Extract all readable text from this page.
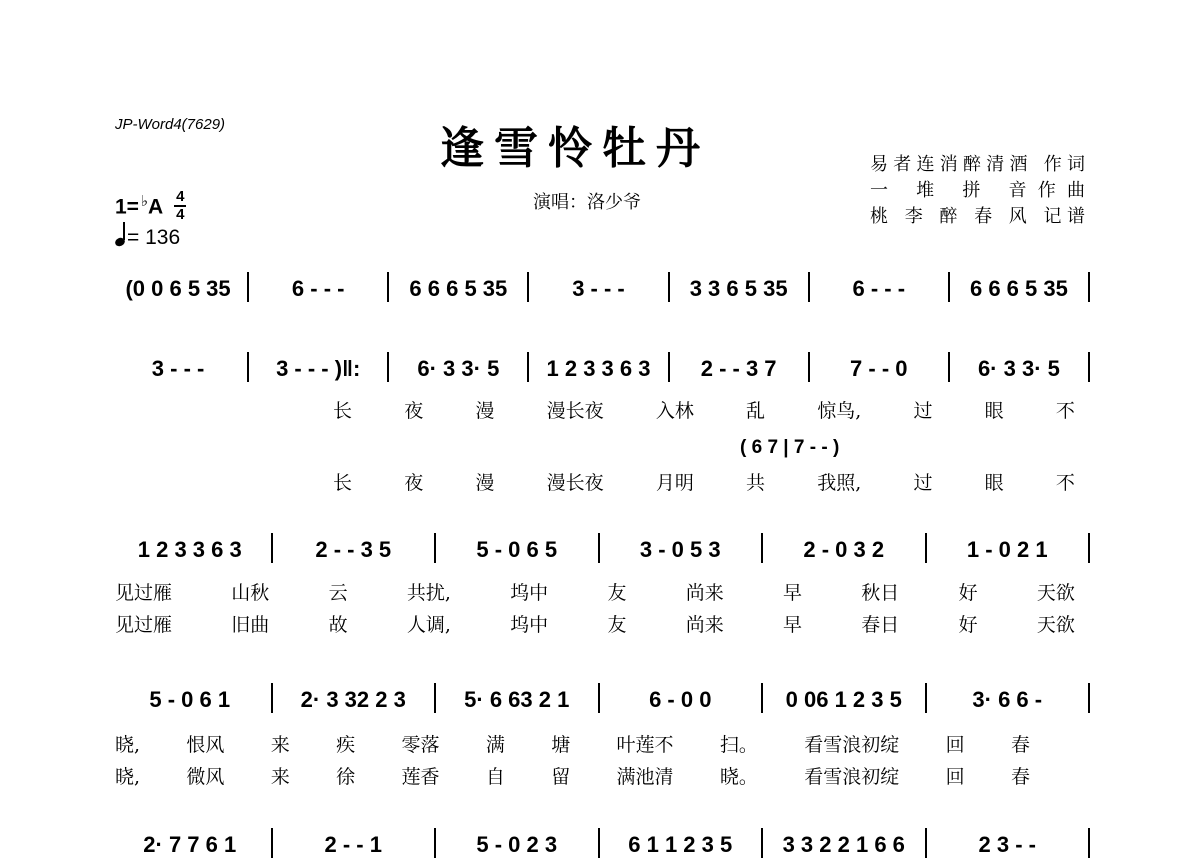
JP-Word4(7629)	逢雪怜牡丹
演唱：洛少爷
易者连消醉清酒 作词
一 堆 拼 音作曲
桃 李 醉 春 风 记谱
$1= ^♭A \frac{4}{4}$
= 136
(0 0 6 5 35	6 - - -	6 6 6 5 35	3 - - -	3 3 6 5 35	6 - - -	6 6 6 5 35
3 - - -	3 - - - )‖:	6· 3 3· 5	1 2 3 3 6 3	2 - - 3 7	7 - - 0	6· 3 3· 5
1 2 3 3 6 3	2 - - 3 5	5 - 0 6 5	3 - 0 5 3	2 - 0 3 2	1 - 0 2 1
5 - 0 6 1	2· 3 32 2 3	5· 6 63 2 1	6 - 0 0	0 06 1 2 3 5	3· 6 6 -
2· 7 7 6 1	2 - - 1	5 - 0 2 3	6 1 1 2 3 5	3 3 2 2 1 6 6	2 3 - -
( 6 7 | 7 - - )
长	夜	漫	漫长夜	入林	乱	惊鸟,	过	眼	不
长	夜	漫	漫长夜	月明	共	我照,	过	眼	不
见过雁	山秋	云	共扰,	坞中	友	尚来	早	秋日	好	天欲
见过雁	旧曲	故	人调,	坞中	友	尚来	早	春日	好	天欲
晓, 恨风 来 疾 零落 满 塘 叶莲不 扫。 看雪浪初绽 回 春
晓, 微风 来 徐 莲香 自 留 满池清 晓。 看雪浪初绽 回 春
